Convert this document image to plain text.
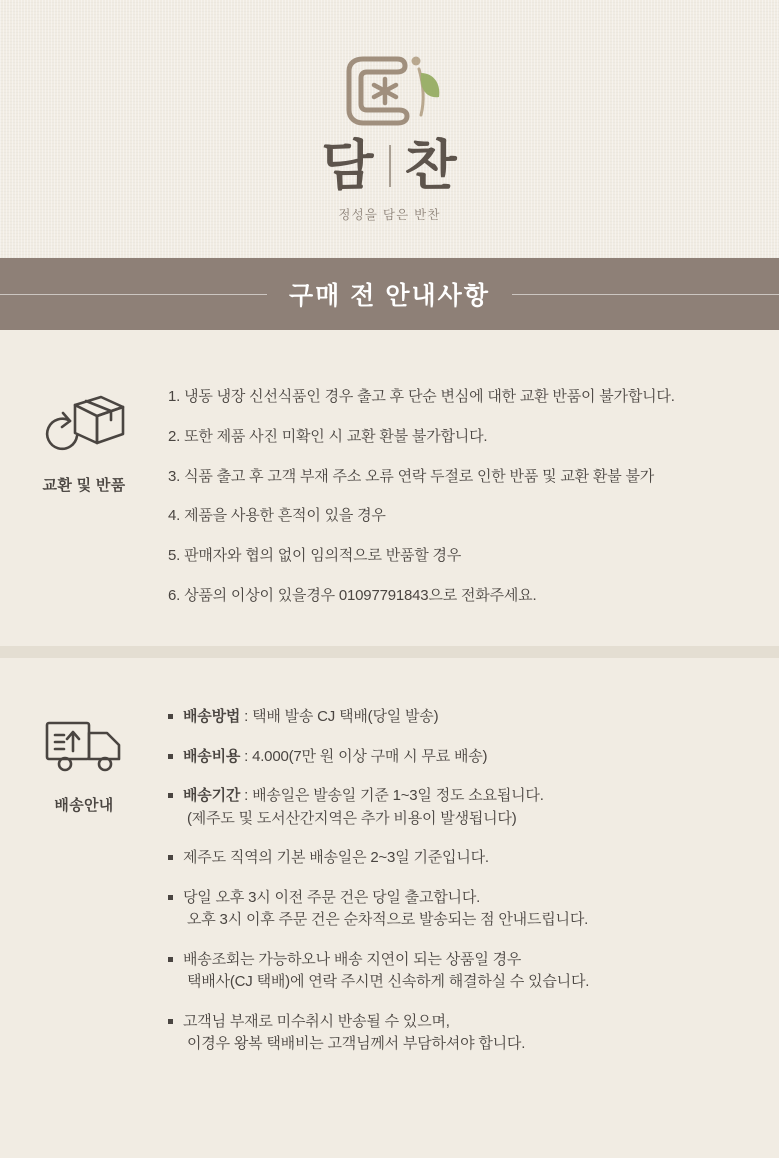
담 찬
정성을 담은 반찬
구매 전 안내사항
교환 및 반품
1. 냉동 냉장 신선식품인 경우 출고 후 단순 변심에 대한 교환 반품이 불가합니다.
2. 또한 제품 사진 미확인 시 교환 환불 불가합니다.
3. 식품 출고 후 고객 부재 주소 오류 연락 두절로 인한 반품 및 교환 환불 불가
4. 제품을 사용한 흔적이 있을 경우
5. 판매자와 협의 없이 임의적으로 반품할 경우
6. 상품의 이상이 있을경우 01097791843으로 전화주세요.
배송안내
배송방법 : 택배 발송 CJ 택배(당일 발송)
배송비용 : 4.000(7만 원 이상 구매 시 무료 배송)
배송기간 : 배송일은 발송일 기준 1~3일 정도 소요됩니다.
(제주도 및 도서산간지역은 추가 비용이 발생됩니다)
제주도 직역의 기본 배송일은 2~3일 기준입니다.
당일 오후 3시 이전 주문 건은 당일 출고합니다.
오후 3시 이후 주문 건은 순차적으로 발송되는 점 안내드립니다.
배송조회는 가능하오나 배송 지연이 되는 상품일 경우
택배사(CJ 택배)에 연락 주시면 신속하게 해결하실 수 있습니다.
고객님 부재로 미수취시 반송될 수 있으며,
이경우 왕복 택배비는 고객님께서 부담하셔야 합니다.
